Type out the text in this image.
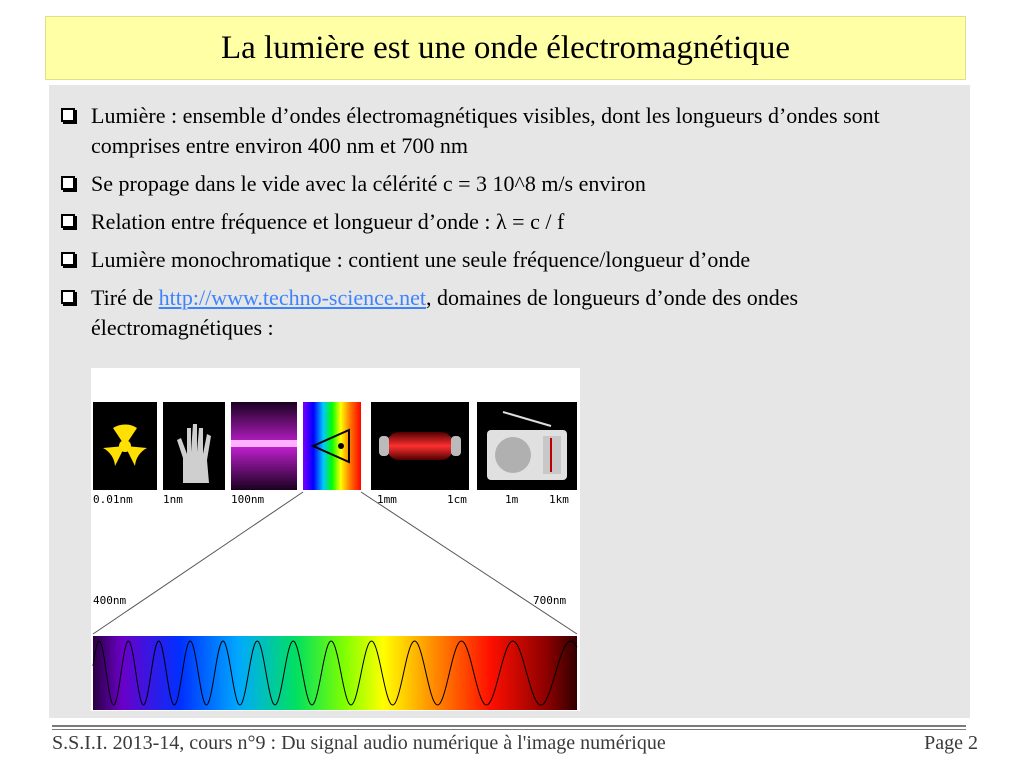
La lumière est une onde électromagnétique
Lumière : ensemble d’ondes électromagnétiques visibles, dont les longueurs d’ondes sont comprises entre environ 400 nm et 700 nm
Se propage dans le vide avec la célérité c = 3 10^8 m/s environ
Relation entre fréquence et longueur d’onde : λ = c / f
Lumière monochromatique : contient une seule fréquence/longueur d’onde
Tiré de http://www.techno-science.net, domaines de longueurs d’onde des ondes électromagnétiques :
0.01nm	1nm	100nm	1mm	1cm	1m	1km
400nm	700nm
S.S.I.I. 2013-14, cours n°9 : Du signal audio numérique à l'image numérique	Page 2
